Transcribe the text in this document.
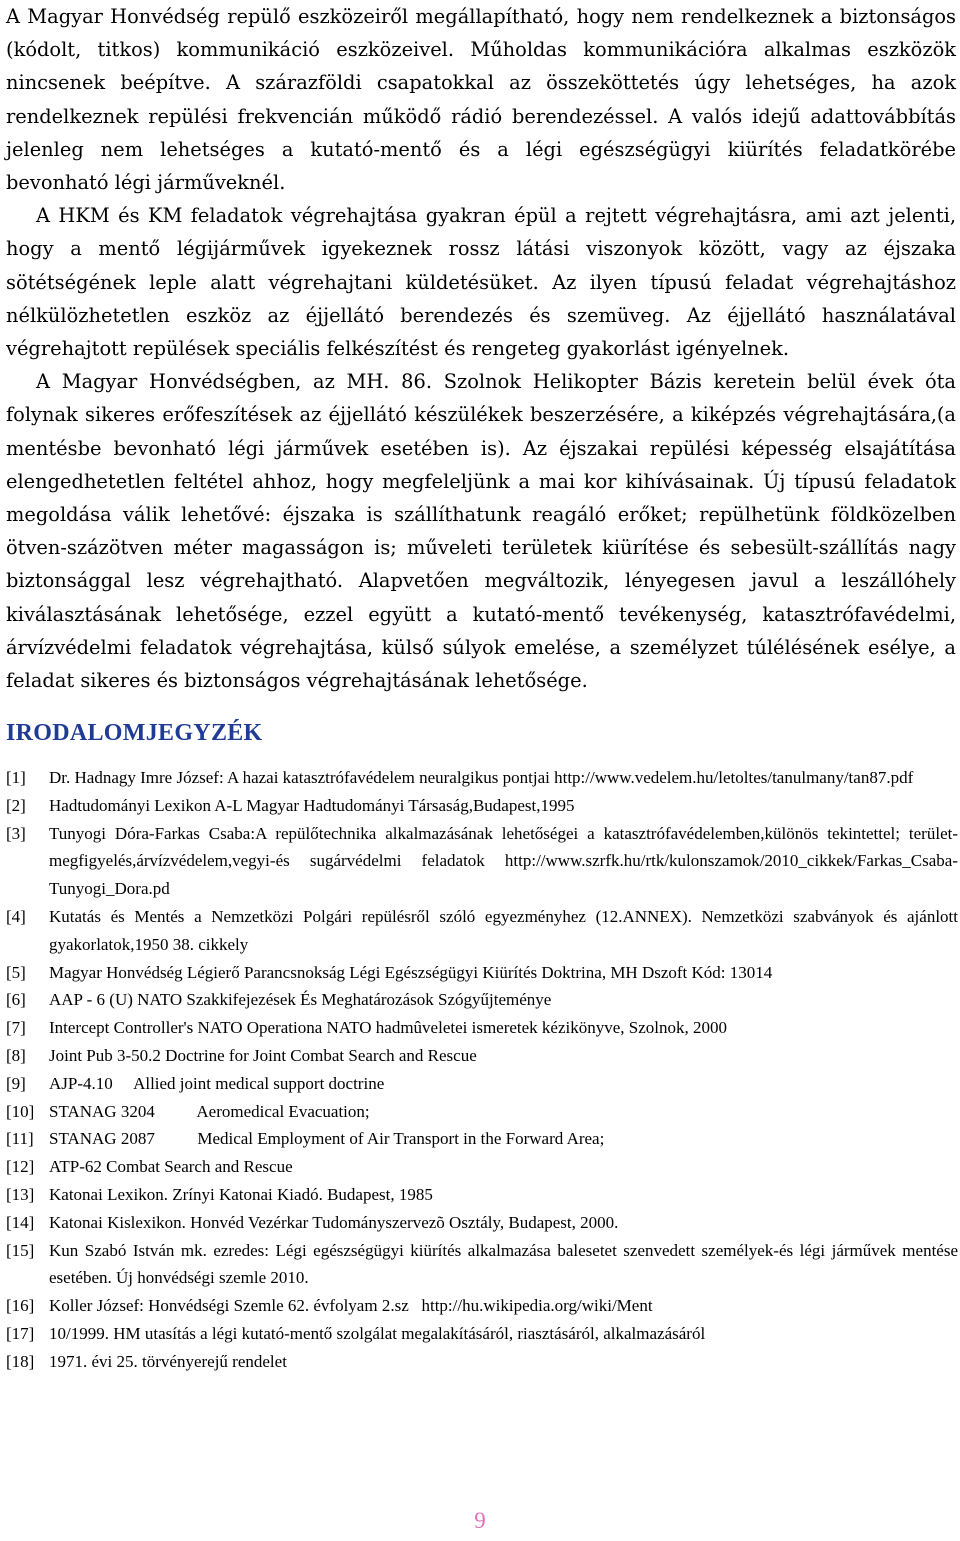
A Magyar Honvédség repülő eszközeiről megállapítható, hogy nem rendelkeznek a biztonságos (kódolt, titkos) kommunikáció eszközeivel. Műholdas kommunikációra alkalmas eszközök nincsenek beépítve. A szárazföldi csapatokkal az összeköttetés úgy lehetséges, ha azok rendelkeznek repülési frekvencián működő rádió berendezéssel. A valós idejű adattovábbítás jelenleg nem lehetséges a kutató-mentő és a légi egészségügyi kiürítés feladatkörébe bevonható légi járműveknél.

A HKM és KM feladatok végrehajtása gyakran épül a rejtett végrehajtásra, ami azt jelenti, hogy a mentő légijárművek igyekeznek rossz látási viszonyok között, vagy az éjszaka sötétségének leple alatt végrehajtani küldetésüket. Az ilyen típusú feladat végrehajtáshoz nélkülözhetetlen eszköz az éjjellátó berendezés és szemüveg. Az éjjellátó használatával végrehajtott repülések speciális felkészítést és rengeteg gyakorlást igényelnek.

A Magyar Honvédségben, az MH. 86. Szolnok Helikopter Bázis keretein belül évek óta folynak sikeres erőfeszítések az éjjellátó készülékek beszerzésére, a kiképzés végrehajtására,(a mentésbe bevonható légi járművek esetében is). Az éjszakai repülési képesség elsajátítása elengedhetetlen feltétel ahhoz, hogy megfeleljünk a mai kor kihívásainak. Új típusú feladatok megoldása válik lehetővé: éjszaka is szállíthatunk reagáló erőket; repülhetünk földközelben ötven-százötven méter magasságon is; műveleti területek kiürítése és sebesült-szállítás nagy biztonsággal lesz végrehajtható. Alapvetően megváltozik, lényegesen javul a leszállóhely kiválasztásának lehetősége, ezzel együtt a kutató-mentő tevékenység, katasztrófavédelmi, árvízvédelmi feladatok végrehajtása, külső súlyok emelése, a személyzet túlélésének esélye, a feladat sikeres és biztonságos végrehajtásának lehetősége.

IRODALOMJEGYZÉK
[1]	Dr. Hadnagy Imre József: A hazai katasztrófavédelem neuralgikus pontjai http://www.vedelem.hu/letoltes/tanulmany/tan87.pdf
[2]	Hadtudományi Lexikon A-L Magyar Hadtudományi Társaság,Budapest,1995
[3]	Tunyogi Dóra-Farkas Csaba:A repülőtechnika alkalmazásának lehetőségei a katasztrófavédelemben,különös tekintettel; terület-megfigyelés,árvízvédelem,vegyi-és sugárvédelmi feladatok http://www.szrfk.hu/rtk/kulonszamok/2010_cikkek/Farkas_Csaba-Tunyogi_Dora.pd
[4]	Kutatás és Mentés a Nemzetközi Polgári repülésről szóló egyezményhez (12.ANNEX). Nemzetközi szabványok és ajánlott gyakorlatok,1950 38. cikkely
[5]	Magyar Honvédség Légierő Parancsnokság Légi Egészségügyi Kiürítés Doktrina, MH Dszoft Kód: 13014
[6]	AAP - 6 (U) NATO Szakkifejezések És Meghatározások Szógyűjteménye
[7]	Intercept Controller's NATO Operationa NATO hadmûveletei ismeretek kézikönyve, Szolnok, 2000
[8]	Joint Pub 3-50.2 Doctrine for Joint Combat Search and Rescue
[9]	AJP-4.10     Allied joint medical support doctrine
[10] STANAG 3204          Aeromedical Evacuation;
[11] STANAG 2087          Medical Employment of Air Transport in the Forward Area;
[12] ATP-62 Combat Search and Rescue
[13] Katonai Lexikon. Zrínyi Katonai Kiadó. Budapest, 1985
[14] Katonai Kislexikon. Honvéd Vezérkar Tudományszervezõ Osztály, Budapest, 2000.
[15] Kun Szabó István mk. ezredes: Légi egészségügyi kiürítés alkalmazása balesetet szenvedett személyek-és légi járművek mentése esetében. Új honvédségi szemle 2010.
[16] Koller József: Honvédségi Szemle 62. évfolyam 2.sz   http://hu.wikipedia.org/wiki/Ment
[17] 10/1999. HM utasítás a légi kutató-mentő szolgálat megalakításáról, riasztásáról, alkalmazásáról
[18] 1971. évi 25. törvényerejű rendelet
9
